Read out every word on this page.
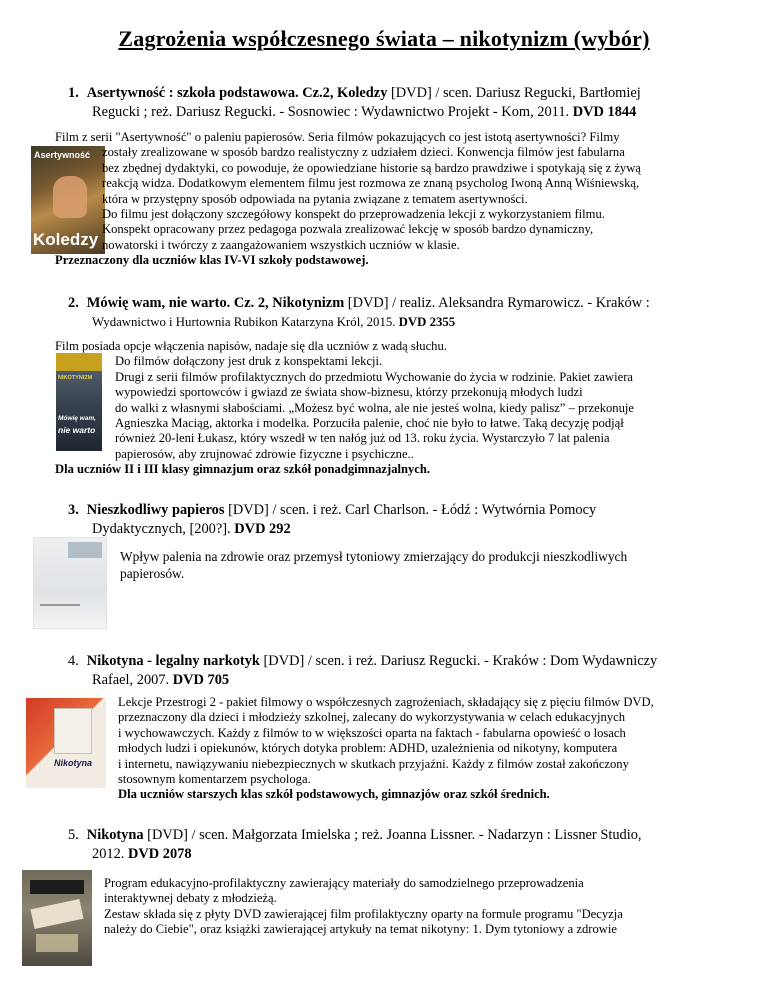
Zagrożenia współczesnego świata – nikotynizm (wybór)
1. Asertywność : szkoła podstawowa. Cz.2, Koledzy [DVD] / scen. Dariusz Regucki, Bartłomiej
Regucki ; reż. Dariusz Regucki. - Sosnowiec : Wydawnictwo Projekt - Kom, 2011. DVD 1844
Asertywność
Koledzy

Film z serii "Asertywność" o paleniu papierosów. Seria filmów pokazujących co jest istotą asertywności? Filmy

zostały zrealizowane w sposób bardzo realistyczny z udziałem dzieci. Konwencja filmów jest fabularna

bez zbędnej dydaktyki, co powoduje, że opowiedziane historie są bardzo prawdziwe i spotykają się z żywą

reakcją widza. Dodatkowym elementem filmu jest rozmowa ze znaną psycholog Iwoną Anną Wiśniewską,

która w przystępny sposób odpowiada na pytania związane z tematem asertywności.

Do filmu jest dołączony szczegółowy konspekt do przeprowadzenia lekcji z wykorzystaniem filmu.

Konspekt opracowany przez pedagoga pozwala zrealizować lekcję w sposób bardzo dynamiczny,

nowatorski i twórczy z zaangażowaniem wszystkich uczniów w klasie.

Przeznaczony dla uczniów klas IV-VI szkoły podstawowej.

2. Mówię wam, nie warto. Cz. 2, Nikotynizm [DVD] / realiz. Aleksandra Rymarowicz. - Kraków :
Wydawnictwo i Hurtownia Rubikon Katarzyna Król, 2015. DVD 2355
NIKOTYNIZM
Mówię wam,
nie warto

Film posiada opcje włączenia napisów, nadaje się dla uczniów z wadą słuchu.

Do filmów dołączony jest druk z konspektami lekcji.

Drugi z serii filmów profilaktycznych do przedmiotu Wychowanie do życia w rodzinie. Pakiet zawiera

wypowiedzi sportowców i gwiazd ze świata show-biznesu, którzy przekonują młodych ludzi

do walki z własnymi słabościami. „Możesz być wolna, ale nie jesteś wolna, kiedy palisz” – przekonuje

Agnieszka Maciąg, aktorka i modelka. Porzuciła palenie, choć nie było to łatwe. Taką decyzję podjął

również 20-leni Łukasz, który wszedł w ten nałóg już od 13. roku życia. Wystarczyło 7 lat palenia

papierosów, aby zrujnować zdrowie fizyczne i psychiczne..

Dla uczniów II i III klasy gimnazjum oraz szkół ponadgimnazjalnych.

3. Nieszkodliwy papieros [DVD] / scen. i reż. Carl Charlson. - Łódź : Wytwórnia Pomocy
Dydaktycznych, [200?]. DVD 292

Wpływ palenia na zdrowie oraz przemysł tytoniowy zmierzający do produkcji nieszkodliwych

papierosów.

4. Nikotyna - legalny narkotyk [DVD] / scen. i reż. Dariusz Regucki. - Kraków : Dom Wydawniczy
Rafael, 2007. DVD 705
Nikotyna

Lekcje Przestrogi 2 - pakiet filmowy o współczesnych zagrożeniach, składający się z pięciu filmów DVD,

przeznaczony dla dzieci i młodzieży szkolnej, zalecany do wykorzystywania w celach edukacyjnych

i wychowawczych. Każdy z filmów to w większości oparta na faktach - fabularna opowieść o losach

młodych ludzi i opiekunów, których dotyka problem: ADHD, uzależnienia od nikotyny, komputera

i internetu, nawiązywaniu niebezpiecznych w skutkach przyjaźni. Każdy z filmów został zakończony

stosownym komentarzem psychologa.

Dla uczniów starszych klas szkół podstawowych, gimnazjów oraz szkół średnich.

5. Nikotyna [DVD] / scen. Małgorzata Imielska ; reż. Joanna Lissner. - Nadarzyn : Lissner Studio,
2012. DVD 2078

Program edukacyjno-profilaktyczny zawierający materiały do samodzielnego przeprowadzenia

interaktywnej debaty z młodzieżą.

Zestaw składa się z płyty DVD zawierającej film profilaktyczny oparty na formule programu "Decyzja

należy do Ciebie", oraz książki zawierającej artykuły na temat nikotyny: 1. Dym tytoniowy a zdrowie
